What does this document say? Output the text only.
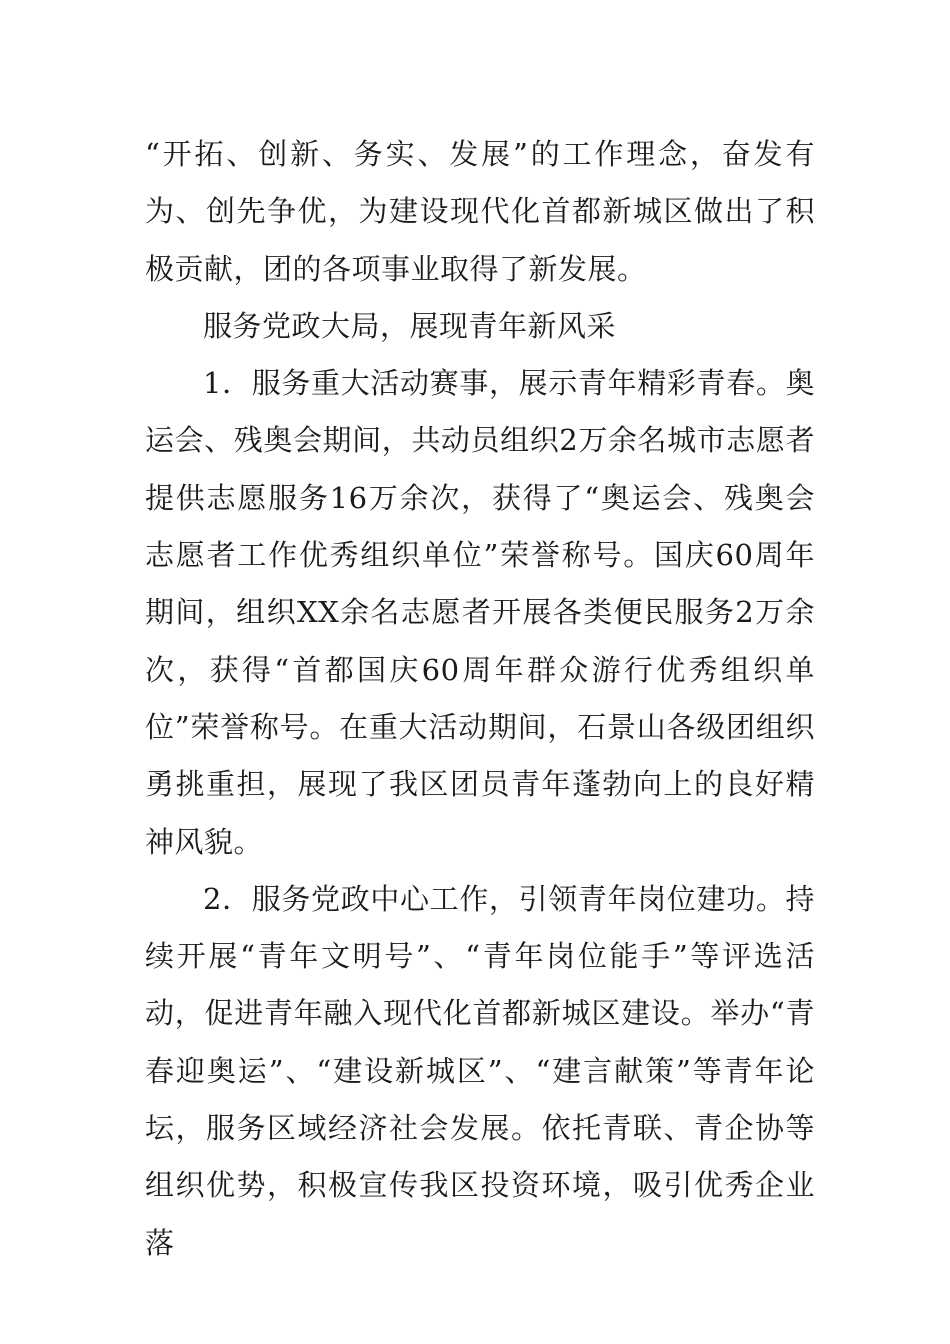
“开拓、创新、务实、发展”的工作理念，奋发有为、创先争优，为建设现代化首都新城区做出了积极贡献，团的各项事业取得了新发展。

服务党政大局，展现青年新风采

1．服务重大活动赛事，展示青年精彩青春。奥运会、残奥会期间，共动员组织2万余名城市志愿者提供志愿服务16万余次，获得了“奥运会、残奥会志愿者工作优秀组织单位”荣誉称号。国庆60周年期间，组织XX余名志愿者开展各类便民服务2万余次，获得“首都国庆60周年群众游行优秀组织单位”荣誉称号。在重大活动期间，石景山各级团组织勇挑重担，展现了我区团员青年蓬勃向上的良好精神风貌。

2．服务党政中心工作，引领青年岗位建功。持续开展“青年文明号”、“青年岗位能手”等评选活动，促进青年融入现代化首都新城区建设。举办“青春迎奥运”、“建设新城区”、“建言献策”等青年论坛，服务区域经济社会发展。依托青联、青企协等组织优势，积极宣传我区投资环境，吸引优秀企业落
